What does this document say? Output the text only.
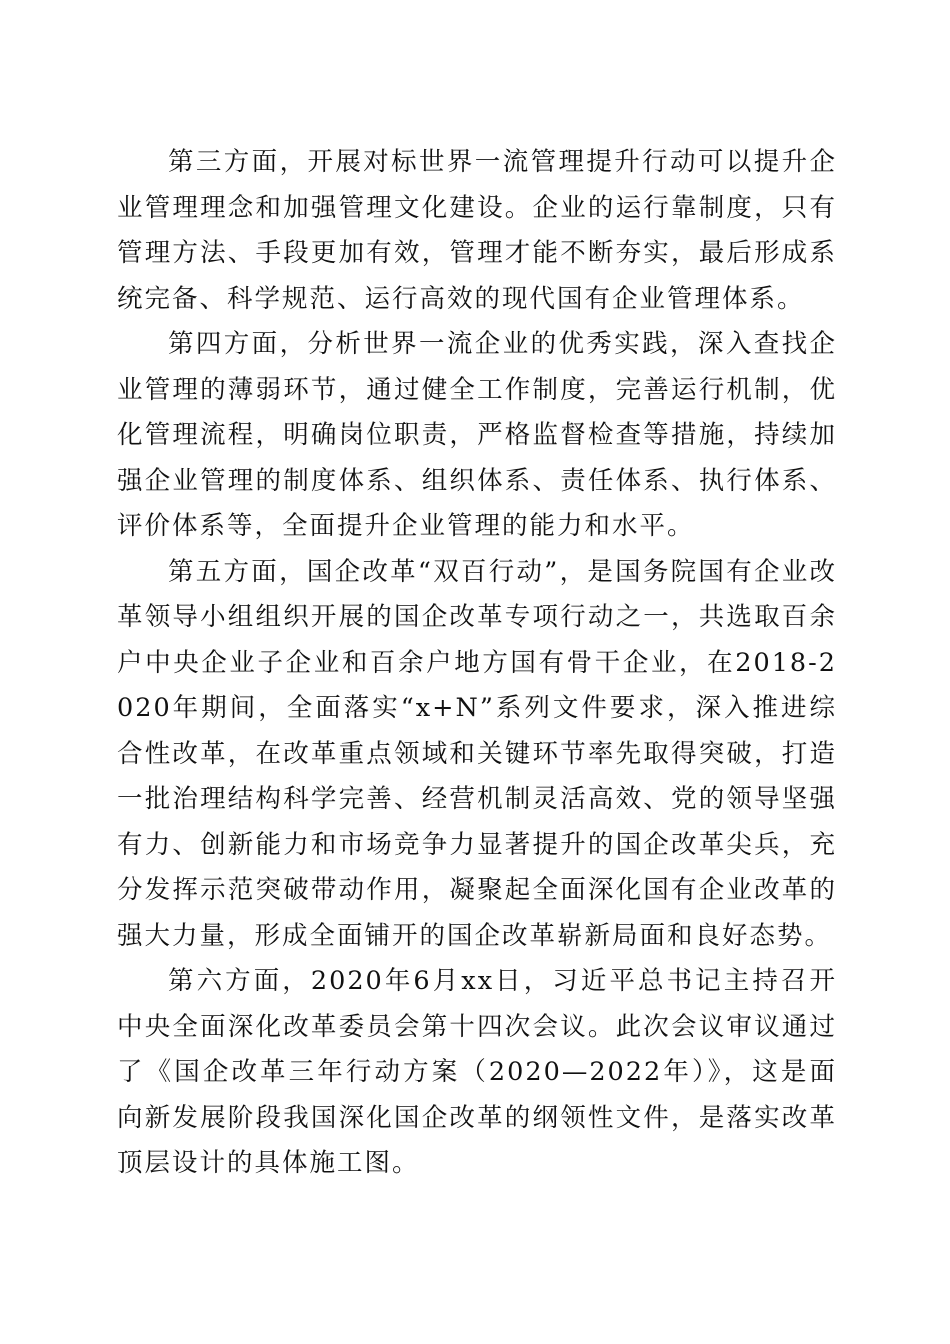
第三方面，开展对标世界一流管理提升行动可以提升企业管理理念和加强管理文化建设。企业的运行靠制度，只有管理方法、手段更加有效，管理才能不断夯实，最后形成系统完备、科学规范、运行高效的现代国有企业管理体系。

第四方面，分析世界一流企业的优秀实践，深入查找企业管理的薄弱环节，通过健全工作制度，完善运行机制，优化管理流程，明确岗位职责，严格监督检查等措施，持续加强企业管理的制度体系、组织体系、责任体系、执行体系、评价体系等，全面提升企业管理的能力和水平。

第五方面，国企改革“双百行动”，是国务院国有企业改革领导小组组织开展的国企改革专项行动之一，共选取百余户中央企业子企业和百余户地方国有骨干企业，在2018-2020年期间，全面落实“x+N”系列文件要求，深入推进综合性改革，在改革重点领域和关键环节率先取得突破，打造一批治理结构科学完善、经营机制灵活高效、党的领导坚强有力、创新能力和市场竞争力显著提升的国企改革尖兵，充分发挥示范突破带动作用，凝聚起全面深化国有企业改革的强大力量，形成全面铺开的国企改革崭新局面和良好态势。

第六方面，2020年6月xx日，习近平总书记主持召开中央全面深化改革委员会第十四次会议。此次会议审议通过了《国企改革三年行动方案（2020—2022年）》，这是面向新发展阶段我国深化国企改革的纲领性文件，是落实改革顶层设计的具体施工图。
